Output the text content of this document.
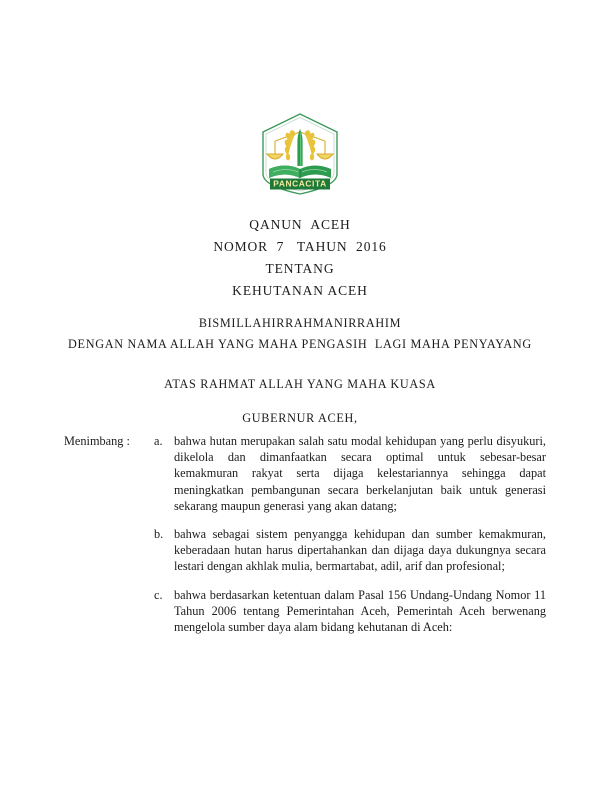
PANCACITA
QANUN  ACEH
NOMOR  7   TAHUN  2016
TENTANG
KEHUTANAN ACEH
BISMILLAHIRRAHMANIRRAHIM
DENGAN NAMA ALLAH YANG MAHA PENGASIH  LAGI MAHA PENYAYANG
ATAS RAHMAT ALLAH YANG MAHA KUASA
GUBERNUR ACEH,
Menimbang :	a. bahwa hutan merupakan salah satu modal kehidupan yang perlu disyukuri, dikelola dan dimanfaatkan secara optimal untuk sebesar-besar kemakmuran rakyat serta dijaga kelestariannya sehingga dapat meningkatkan pembangunan secara berkelanjutan baik untuk generasi sekarang maupun generasi yang akan datang;
b. bahwa sebagai sistem penyangga kehidupan dan sumber kemakmuran, keberadaan hutan harus dipertahankan dan dijaga daya dukungnya secara lestari dengan akhlak mulia, bermartabat, adil, arif dan profesional;
c. bahwa berdasarkan ketentuan dalam Pasal 156 Undang-Undang Nomor 11 Tahun 2006 tentang Pemerintahan Aceh, Pemerintah Aceh berwenang mengelola sumber daya alam bidang kehutanan di Aceh:
